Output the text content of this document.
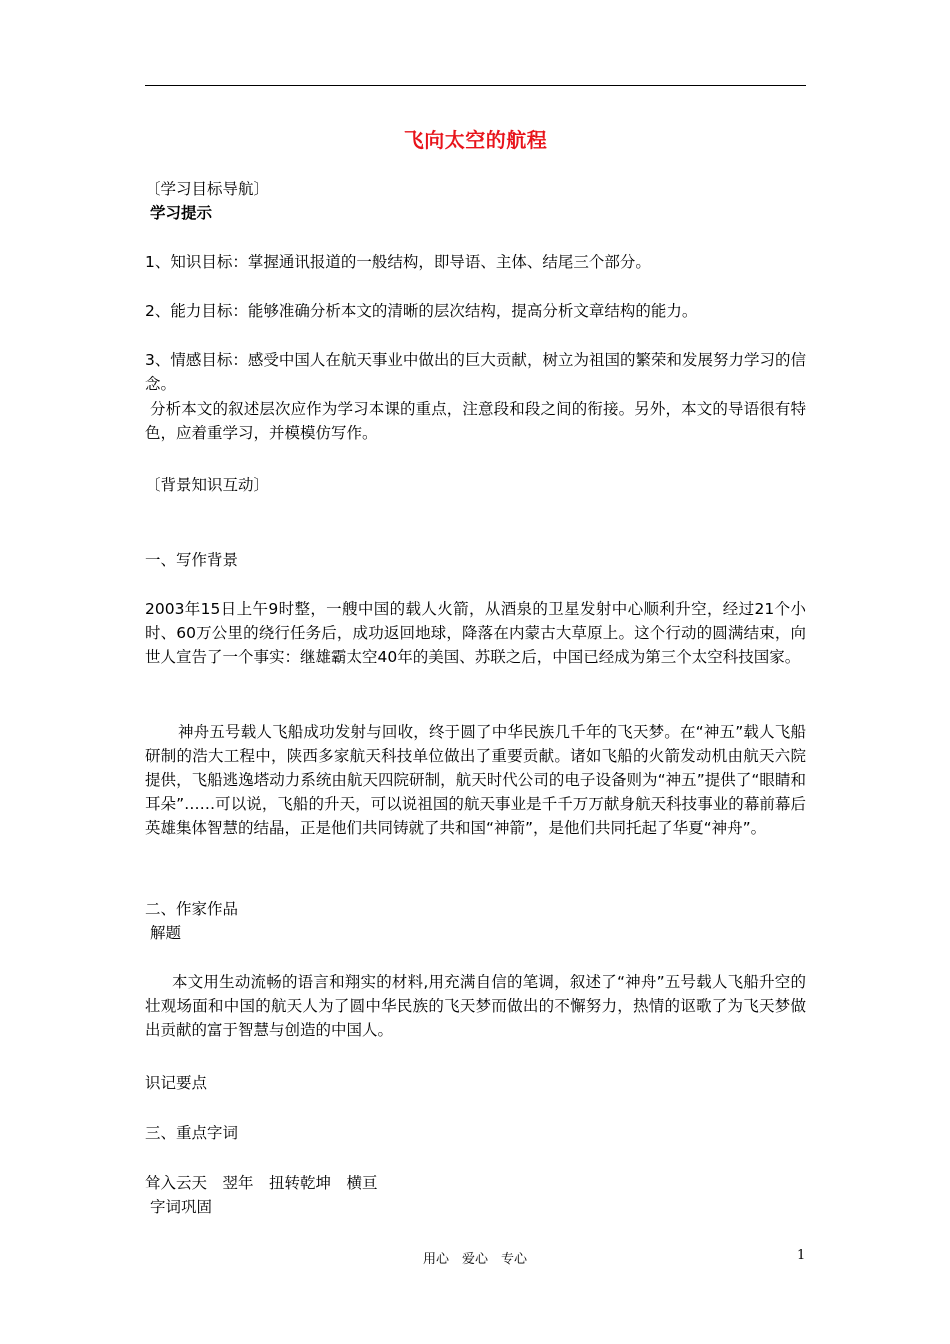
飞向太空的航程
〔学习目标导航〕
学习提示
1、知识目标：掌握通讯报道的一般结构，即导语、主体、结尾三个部分。
2、能力目标：能够准确分析本文的清晰的层次结构，提高分析文章结构的能力。
3、情感目标：感受中国人在航天事业中做出的巨大贡献，树立为祖国的繁荣和发展努力学习的信念。
分析本文的叙述层次应作为学习本课的重点，注意段和段之间的衔接。另外，本文的导语很有特色，应着重学习，并模模仿写作。
〔背景知识互动〕
一、写作背景
2003年15日上午9时整，一艘中国的载人火箭，从酒泉的卫星发射中心顺利升空，经过21个小时、60万公里的绕行任务后，成功返回地球，降落在内蒙古大草原上。这个行动的圆满结束，向世人宣告了一个事实：继雄霸太空40年的美国、苏联之后，中国已经成为第三个太空科技国家。
神舟五号载人飞船成功发射与回收，终于圆了中华民族几千年的飞天梦。在“神五”载人飞船研制的浩大工程中，陕西多家航天科技单位做出了重要贡献。诸如飞船的火箭发动机由航天六院提供，飞船逃逸塔动力系统由航天四院研制，航天时代公司的电子设备则为“神五”提供了“眼睛和耳朵”……可以说，飞船的升天，可以说祖国的航天事业是千千万万献身航天科技事业的幕前幕后英雄集体智慧的结晶，正是他们共同铸就了共和国“神箭”，是他们共同托起了华夏“神舟”。
二、作家作品
解题
本文用生动流畅的语言和翔实的材料,用充满自信的笔调，叙述了“神舟”五号载人飞船升空的壮观场面和中国的航天人为了圆中华民族的飞天梦而做出的不懈努力，热情的讴歌了为飞天梦做出贡献的富于智慧与创造的中国人。
识记要点
三、重点字词
耸入云天　翌年　扭转乾坤　横亘
字词巩固
用心　爱心　专心	1
